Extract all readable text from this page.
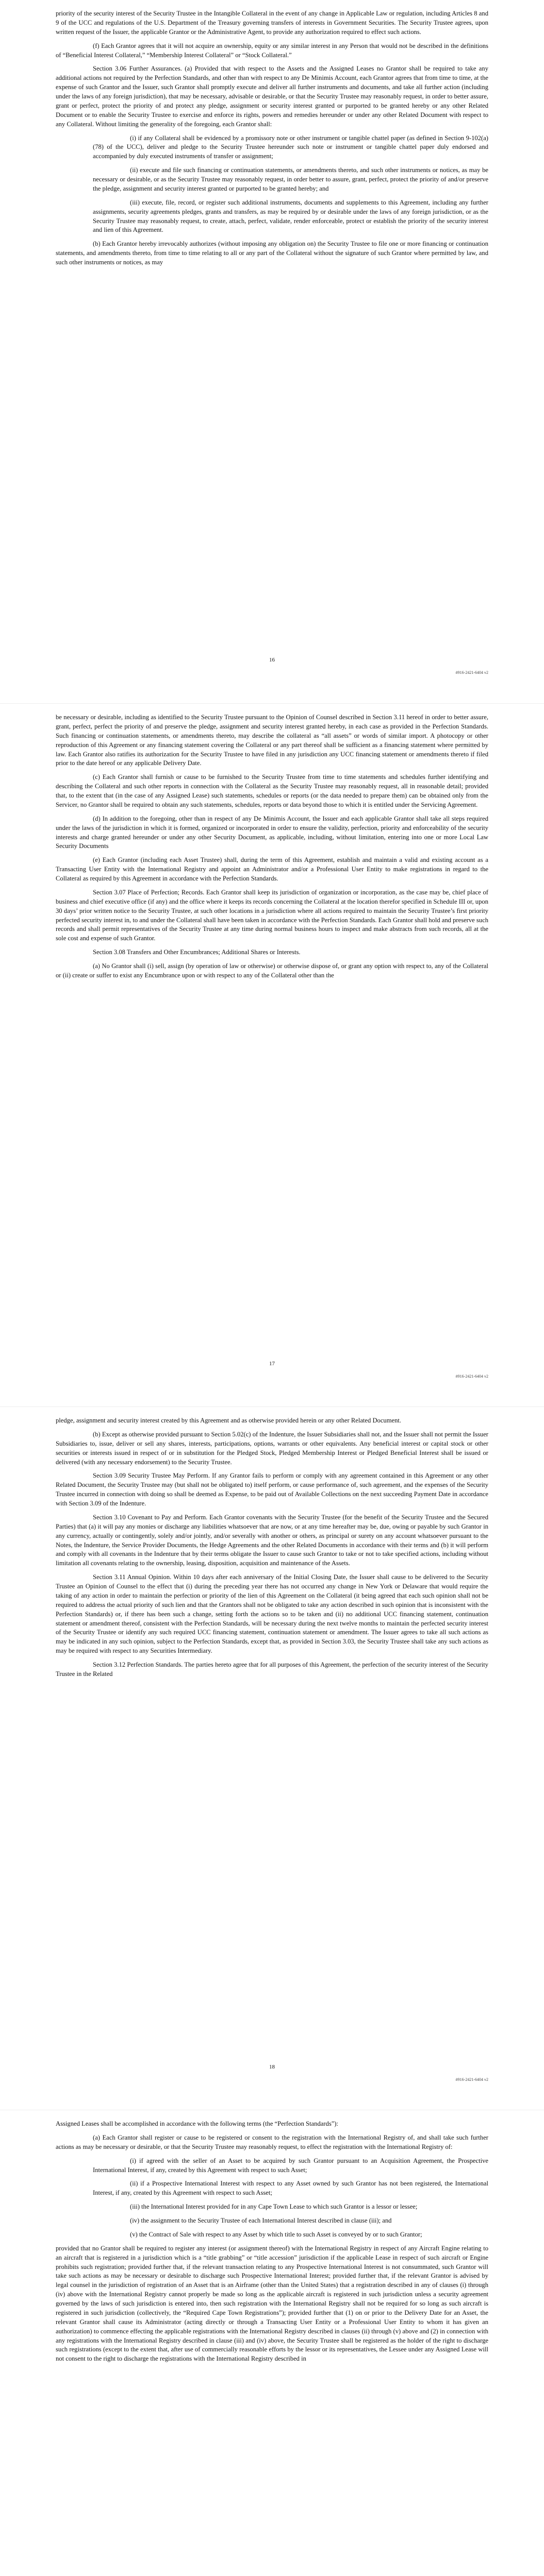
priority of the security interest of the Security Trustee in the Intangible Collateral in the event of any change in Applicable Law or regulation, including Articles 8 and 9 of the UCC and regulations of the U.S. Department of the Treasury governing transfers of interests in Government Securities. The Security Trustee agrees, upon written request of the Issuer, the applicable Grantor or the Administrative Agent, to provide any authorization required to effect such actions.

(f) Each Grantor agrees that it will not acquire an ownership, equity or any similar interest in any Person that would not be described in the definitions of “Beneficial Interest Collateral,” “Membership Interest Collateral” or “Stock Collateral.”

Section 3.06 Further Assurances. (a) Provided that with respect to the Assets and the Assigned Leases no Grantor shall be required to take any additional actions not required by the Perfection Standards, and other than with respect to any De Minimis Account, each Grantor agrees that from time to time, at the expense of such Grantor and the Issuer, such Grantor shall promptly execute and deliver all further instruments and documents, and take all further action (including under the laws of any foreign jurisdiction), that may be necessary, advisable or desirable, or that the Security Trustee may reasonably request, in order to better assure, grant or perfect, protect the priority of and protect any pledge, assignment or security interest granted or purported to be granted hereby or any other Related Document or to enable the Security Trustee to exercise and enforce its rights, powers and remedies hereunder or under any other Related Document with respect to any Collateral. Without limiting the generality of the foregoing, each Grantor shall:

(i) if any Collateral shall be evidenced by a promissory note or other instrument or tangible chattel paper (as defined in Section 9-102(a)(78) of the UCC), deliver and pledge to the Security Trustee hereunder such note or instrument or tangible chattel paper duly endorsed and accompanied by duly executed instruments of transfer or assignment;

(ii) execute and file such financing or continuation statements, or amendments thereto, and such other instruments or notices, as may be necessary or desirable, or as the Security Trustee may reasonably request, in order better to assure, grant, perfect, protect the priority of and/or preserve the pledge, assignment and security interest granted or purported to be granted hereby; and

(iii) execute, file, record, or register such additional instruments, documents and supplements to this Agreement, including any further assignments, security agreements pledges, grants and transfers, as may be required by or desirable under the laws of any foreign jurisdiction, or as the Security Trustee may reasonably request, to create, attach, perfect, validate, render enforceable, protect or establish the priority of the security interest and lien of this Agreement.

(b) Each Grantor hereby irrevocably authorizes (without imposing any obligation on) the Security Trustee to file one or more financing or continuation statements, and amendments thereto, from time to time relating to all or any part of the Collateral without the signature of such Grantor where permitted by law, and such other instruments or notices, as may

16
#916-2421-6404 v2

be necessary or desirable, including as identified to the Security Trustee pursuant to the Opinion of Counsel described in Section 3.11 hereof in order to better assure, grant, perfect, perfect the priority of and preserve the pledge, assignment and security interest granted hereby, in each case as provided in the Perfection Standards. Such financing or continuation statements, or amendments thereto, may describe the collateral as “all assets” or words of similar import. A photocopy or other reproduction of this Agreement or any financing statement covering the Collateral or any part thereof shall be sufficient as a financing statement where permitted by law. Each Grantor also ratifies its authorization for the Security Trustee to have filed in any jurisdiction any UCC financing statement or amendments thereto if filed prior to the date hereof or any applicable Delivery Date.

(c) Each Grantor shall furnish or cause to be furnished to the Security Trustee from time to time statements and schedules further identifying and describing the Collateral and such other reports in connection with the Collateral as the Security Trustee may reasonably request, all in reasonable detail; provided that, to the extent that (in the case of any Assigned Lease) such statements, schedules or reports (or the data needed to prepare them) can be obtained only from the Servicer, no Grantor shall be required to obtain any such statements, schedules, reports or data beyond those to which it is entitled under the Servicing Agreement.

(d) In addition to the foregoing, other than in respect of any De Minimis Account, the Issuer and each applicable Grantor shall take all steps required under the laws of the jurisdiction in which it is formed, organized or incorporated in order to ensure the validity, perfection, priority and enforceability of the security interests and charge granted hereunder or under any other Security Document, as applicable, including, without limitation, entering into one or more Local Law Security Documents

(e) Each Grantor (including each Asset Trustee) shall, during the term of this Agreement, establish and maintain a valid and existing account as a Transacting User Entity with the International Registry and appoint an Administrator and/or a Professional User Entity to make registrations in regard to the Collateral as required by this Agreement in accordance with the Perfection Standards.

Section 3.07 Place of Perfection; Records. Each Grantor shall keep its jurisdiction of organization or incorporation, as the case may be, chief place of business and chief executive office (if any) and the office where it keeps its records concerning the Collateral at the location therefor specified in Schedule III or, upon 30 days’ prior written notice to the Security Trustee, at such other locations in a jurisdiction where all actions required to maintain the Security Trustee’s first priority perfected security interest in, to and under the Collateral shall have been taken in accordance with the Perfection Standards. Each Grantor shall hold and preserve such records and shall permit representatives of the Security Trustee at any time during normal business hours to inspect and make abstracts from such records, all at the sole cost and expense of such Grantor.

Section 3.08 Transfers and Other Encumbrances; Additional Shares or Interests.

(a) No Grantor shall (i) sell, assign (by operation of law or otherwise) or otherwise dispose of, or grant any option with respect to, any of the Collateral or (ii) create or suffer to exist any Encumbrance upon or with respect to any of the Collateral other than the

17
#916-2421-6404 v2

pledge, assignment and security interest created by this Agreement and as otherwise provided herein or any other Related Document.

(b) Except as otherwise provided pursuant to Section 5.02(c) of the Indenture, the Issuer Subsidiaries shall not, and the Issuer shall not permit the Issuer Subsidiaries to, issue, deliver or sell any shares, interests, participations, options, warrants or other equivalents. Any beneficial interest or capital stock or other securities or interests issued in respect of or in substitution for the Pledged Stock, Pledged Membership Interest or Pledged Beneficial Interest shall be issued or delivered (with any necessary endorsement) to the Security Trustee.

Section 3.09 Security Trustee May Perform. If any Grantor fails to perform or comply with any agreement contained in this Agreement or any other Related Document, the Security Trustee may (but shall not be obligated to) itself perform, or cause performance of, such agreement, and the expenses of the Security Trustee incurred in connection with doing so shall be deemed as Expense, to be paid out of Available Collections on the next succeeding Payment Date in accordance with Section 3.09 of the Indenture.

Section 3.10 Covenant to Pay and Perform. Each Grantor covenants with the Security Trustee (for the benefit of the Security Trustee and the Secured Parties) that (a) it will pay any monies or discharge any liabilities whatsoever that are now, or at any time hereafter may be, due, owing or payable by such Grantor in any currency, actually or contingently, solely and/or jointly, and/or severally with another or others, as principal or surety on any account whatsoever pursuant to the Notes, the Indenture, the Service Provider Documents, the Hedge Agreements and the other Related Documents in accordance with their terms and (b) it will perform and comply with all covenants in the Indenture that by their terms obligate the Issuer to cause such Grantor to take or not to take specified actions, including without limitation all covenants relating to the ownership, leasing, disposition, acquisition and maintenance of the Assets.

Section 3.11 Annual Opinion. Within 10 days after each anniversary of the Initial Closing Date, the Issuer shall cause to be delivered to the Security Trustee an Opinion of Counsel to the effect that (i) during the preceding year there has not occurred any change in New York or Delaware that would require the taking of any action in order to maintain the perfection or priority of the lien of this Agreement on the Collateral (it being agreed that each such opinion shall not be required to address the actual priority of such lien and that the Grantors shall not be obligated to take any action described in such opinion that is inconsistent with the Perfection Standards) or, if there has been such a change, setting forth the actions so to be taken and (ii) no additional UCC financing statement, continuation statement or amendment thereof, consistent with the Perfection Standards, will be necessary during the next twelve months to maintain the perfected security interest of the Security Trustee or identify any such required UCC financing statement, continuation statement or amendment. The Issuer agrees to take all such actions as may be indicated in any such opinion, subject to the Perfection Standards, except that, as provided in Section 3.03, the Security Trustee shall take any such actions as may be required with respect to any Securities Intermediary.

Section 3.12 Perfection Standards. The parties hereto agree that for all purposes of this Agreement, the perfection of the security interest of the Security Trustee in the Related

18
#916-2421-6404 v2

Assigned Leases shall be accomplished in accordance with the following terms (the “Perfection Standards”):

(a) Each Grantor shall register or cause to be registered or consent to the registration with the International Registry of, and shall take such further actions as may be necessary or desirable, or that the Security Trustee may reasonably request, to effect the registration with the International Registry of:

(i) if agreed with the seller of an Asset to be acquired by such Grantor pursuant to an Acquisition Agreement, the Prospective International Interest, if any, created by this Agreement with respect to such Asset;

(ii) if a Prospective International Interest with respect to any Asset owned by such Grantor has not been registered, the International Interest, if any, created by this Agreement with respect to such Asset;

(iii) the International Interest provided for in any Cape Town Lease to which such Grantor is a lessor or lessee;

(iv) the assignment to the Security Trustee of each International Interest described in clause (iii); and

(v) the Contract of Sale with respect to any Asset by which title to such Asset is conveyed by or to such Grantor;

provided that no Grantor shall be required to register any interest (or assignment thereof) with the International Registry in respect of any Aircraft Engine relating to an aircraft that is registered in a jurisdiction which is a “title grabbing” or “title accession” jurisdiction if the applicable Lease in respect of such aircraft or Engine prohibits such registration; provided further that, if the relevant transaction relating to any Prospective International Interest is not consummated, such Grantor will take such actions as may be necessary or desirable to discharge such Prospective International Interest; provided further that, if the relevant Grantor is advised by legal counsel in the jurisdiction of registration of an Asset that is an Airframe (other than the United States) that a registration described in any of clauses (i) through (iv) above with the International Registry cannot properly be made so long as the applicable aircraft is registered in such jurisdiction unless a security agreement governed by the laws of such jurisdiction is entered into, then such registration with the International Registry shall not be required for so long as such aircraft is registered in such jurisdiction (collectively, the “Required Cape Town Registrations”); provided further that (1) on or prior to the Delivery Date for an Asset, the relevant Grantor shall cause its Administrator (acting directly or through a Transacting User Entity or a Professional User Entity to whom it has given an authorization) to commence effecting the applicable registrations with the International Registry described in clauses (ii) through (v) above and (2) in connection with any registrations with the International Registry described in clause (iii) and (iv) above, the Security Trustee shall be registered as the holder of the right to discharge such registrations (except to the extent that, after use of commercially reasonable efforts by the lessor or its representatives, the Lessee under any Assigned Lease will not consent to the right to discharge the registrations with the International Registry described in
